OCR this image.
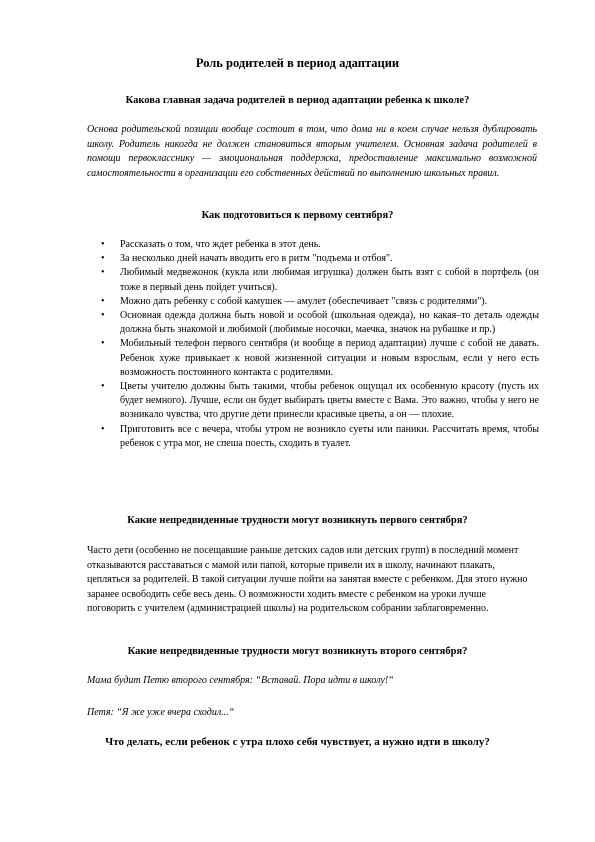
Роль родителей в период адаптации
Какова главная задача родителей в период адаптации ребенка к школе?

Основа родительской позиции вообще состоит в том, что дома ни в коем случае нельзя дублировать школу. Родитель никогда не должен становиться вторым учителем. Основная задача родителей в помощи первокласснику — эмоциональная поддержка, предоставление максимально возможной самостоятельности в организации его собственных действий по выполнению школьных правил.

Как подготовиться к первому сентября?
• Рассказать о том, что ждет ребенка в этот день.
• За несколько дней начать вводить его в ритм "подъема и отбоя".
• Любимый медвежонок (кукла или любимая игрушка) должен быть взят с собой в портфель (он тоже в первый день пойдет учиться).
• Можно дать ребенку с собой камушек — амулет (обеспечивает "связь с родителями").
• Основная одежда должна быть новой и особой (школьная одежда), но какая–то деталь одежды должна быть знакомой и любимой (любимые носочки, маечка, значок на рубашке и пр.)
• Мобильный телефон первого сентября (и вообще в период адаптации) лучше с собой не давать. Ребенок хуже привыкает к новой жизненной ситуации и новым взрослым, если у него есть возможность постоянного контакта с родителями.
• Цветы учителю должны быть такими, чтобы ребенок ощущал их особенную красоту (пусть их будет немного). Лучше, если он будет выбирать цветы вместе с Вама. Это важно, чтобы у него не возникало чувства, что другие дети принесли красивые цветы, а он — плохие.
• Приготовить все с вечера, чтобы утром не возникло суеты или паники. Рассчитать время, чтобы ребенок с утра мог, не спеша поесть, сходить в туалет.
Какие непредвиденные трудности могут возникнуть первого сентября?

Часто дети (особенно не посещавшие раньше детских садов или детских групп) в последний момент отказываются расставаться с мамой или папой, которые привели их в школу, начинают плакать, цепляться за родителей. В такой ситуации лучше пойти на занятая вместе с ребенком. Для этого нужно заранее освободить себе весь день. О возможности ходить вместе с ребенком на уроки лучше поговорить с учителем (администрацией школы) на родительском собрании заблаговременно.

Какие непредвиденные трудности могут возникнуть второго сентября?
Мама будит Петю второго сентября: “Вставай. Пора идти в школу!“
Петя: “Я же уже вчера сходил...“
Что делать, если ребенок с утра плохо себя чувствует, а нужно идти в школу?
